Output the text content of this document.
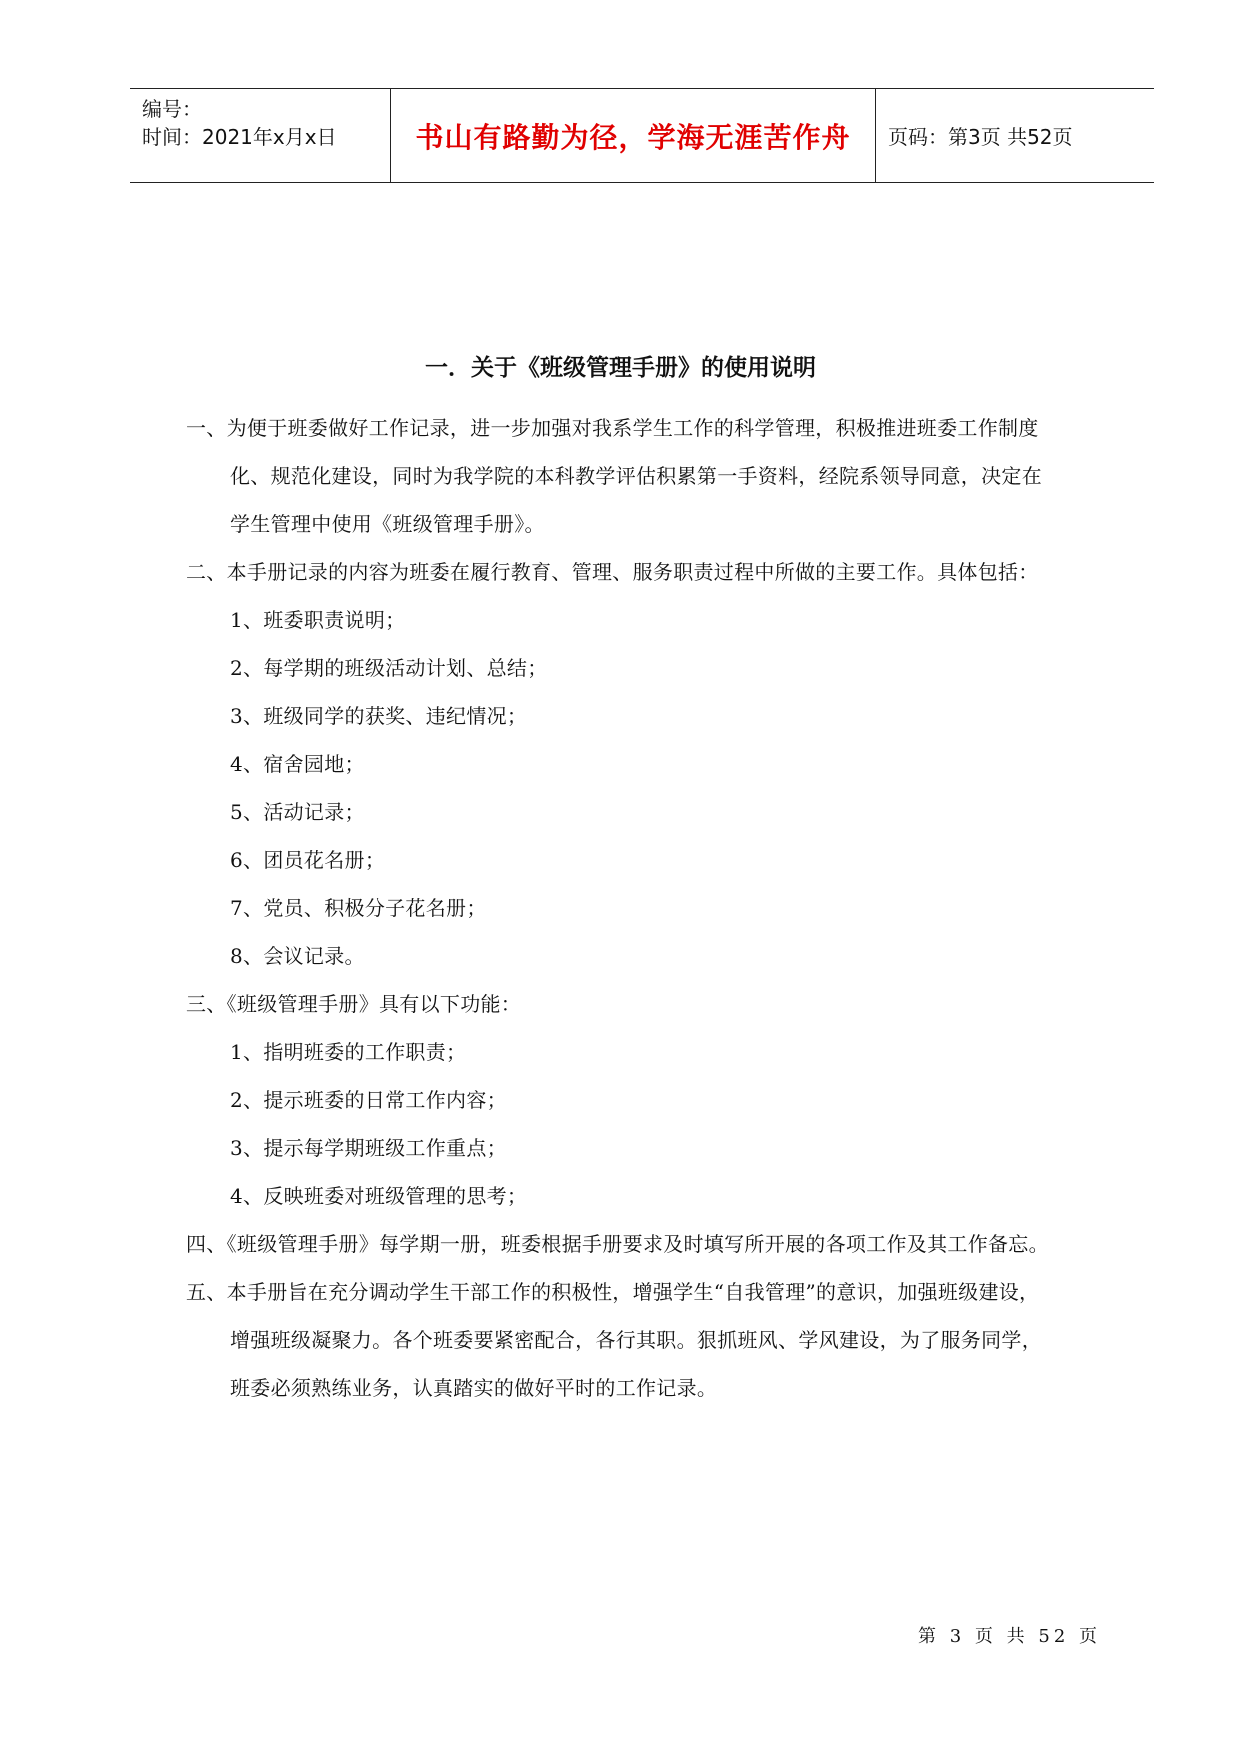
编号：
时间：2021年x月x日	书山有路勤为径，学海无涯苦作舟 页码：第3页 共52页
一．关于《班级管理手册》的使用说明
一、为便于班委做好工作记录，进一步加强对我系学生工作的科学管理，积极推进班委工作制度
化、规范化建设，同时为我学院的本科教学评估积累第一手资料，经院系领导同意，决定在
学生管理中使用《班级管理手册》。
二、本手册记录的内容为班委在履行教育、管理、服务职责过程中所做的主要工作。具体包括：
1、班委职责说明；
2、每学期的班级活动计划、总结；
3、班级同学的获奖、违纪情况；
4、宿舍园地；
5、活动记录；
6、团员花名册；
7、党员、积极分子花名册；
8、会议记录。
三、《班级管理手册》具有以下功能：
1、指明班委的工作职责；
2、提示班委的日常工作内容；
3、提示每学期班级工作重点；
4、反映班委对班级管理的思考；
四、《班级管理手册》每学期一册，班委根据手册要求及时填写所开展的各项工作及其工作备忘。
五、本手册旨在充分调动学生干部工作的积极性，增强学生“自我管理”的意识，加强班级建设，
增强班级凝聚力。各个班委要紧密配合，各行其职。狠抓班风、学风建设，为了服务同学，
班委必须熟练业务，认真踏实的做好平时的工作记录。
第 3 页 共 52 页
